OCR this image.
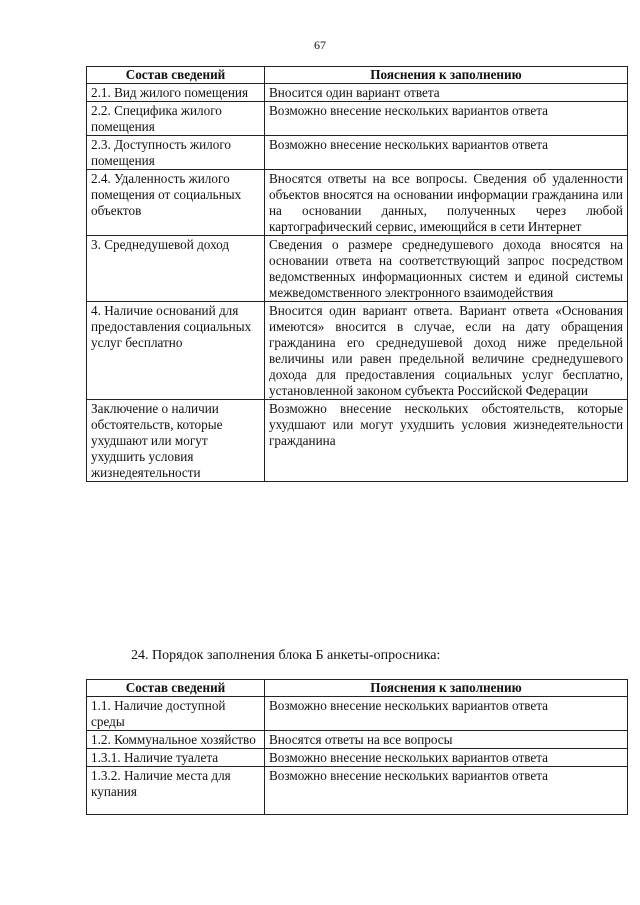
67
Состав сведений	Пояснения к заполнению
2.1. Вид жилого помещения	Вносится один вариант ответа
2.2. Специфика жилого помещения	Возможно внесение нескольких вариантов ответа
2.3. Доступность жилого помещения	Возможно внесение нескольких вариантов ответа
2.4. Удаленность жилого помещения от социальных объектов	Вносятся ответы на все вопросы. Сведения об удаленности объектов вносятся на основании информации гражданина или на основании данных, полученных через любой картографический сервис, имеющийся в сети Интернет
3. Среднедушевой доход	Сведения о размере среднедушевого дохода вносятся на основании ответа на соответствующий запрос посредством ведомственных информационных систем и единой системы межведомственного электронного взаимодействия
4. Наличие оснований для предоставления социальных услуг бесплатно	Вносится один вариант ответа. Вариант ответа «Основания имеются» вносится в случае, если на дату обращения гражданина его среднедушевой доход ниже предельной величины или равен предельной величине среднедушевого дохода для предоставления социальных услуг бесплатно, установленной законом субъекта Российской Федерации
Заключение о наличии обстоятельств, которые ухудшают или могут ухудшить условия жизнедеятельности	Возможно внесение нескольких обстоятельств, которые ухудшают или могут ухудшить условия жизнедеятельности гражданина
24. Порядок заполнения блока Б анкеты-опросника:
Состав сведений	Пояснения к заполнению
1.1. Наличие доступной среды	Возможно внесение нескольких вариантов ответа
1.2. Коммунальное хозяйство	Вносятся ответы на все вопросы
1.3.1. Наличие туалета	Возможно внесение нескольких вариантов ответа
1.3.2. Наличие места для купания	Возможно внесение нескольких вариантов ответа
